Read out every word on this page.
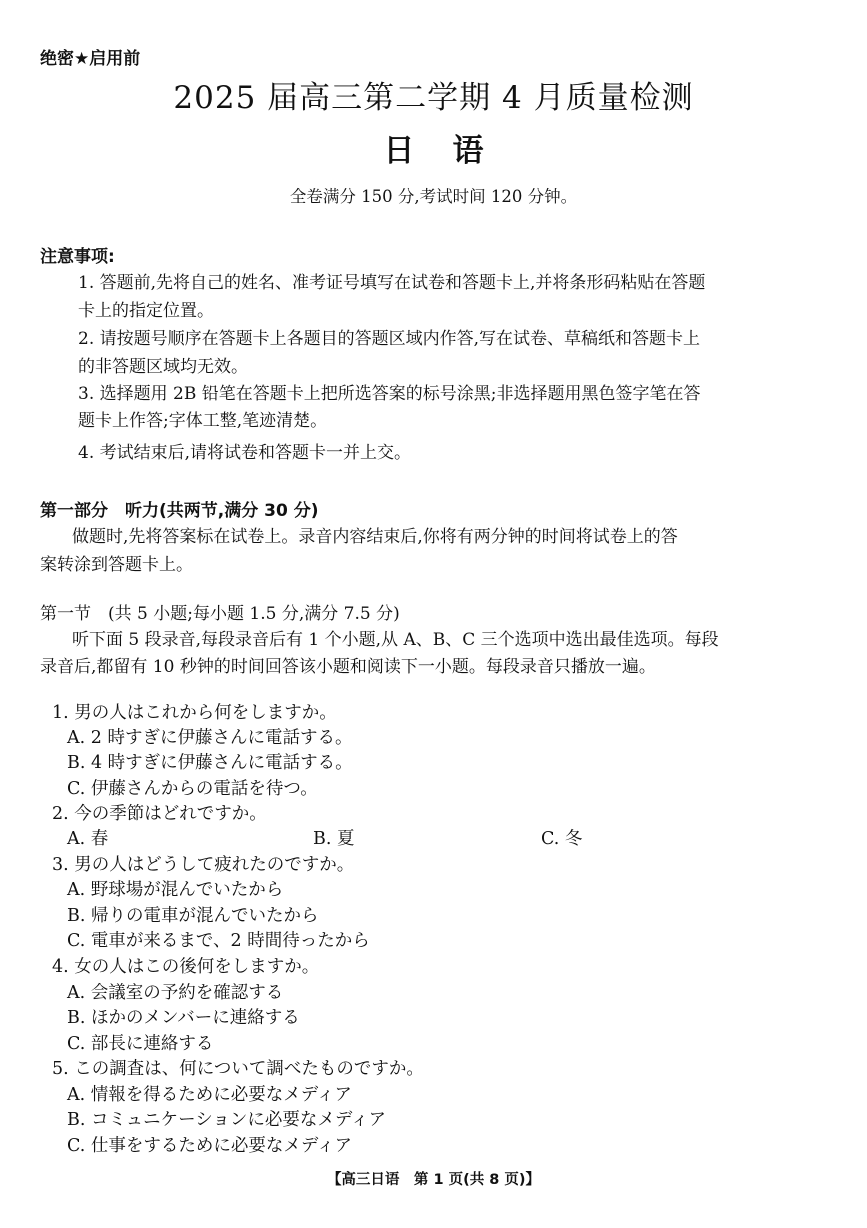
绝密★启用前
2025 届高三第二学期 4 月质量检测
日语
全卷满分 150 分,考试时间 120 分钟。
注意事项:
1. 答题前,先将自己的姓名、准考证号填写在试卷和答题卡上,并将条形码粘贴在答题
卡上的指定位置。
2. 请按题号顺序在答题卡上各题目的答题区域内作答,写在试卷、草稿纸和答题卡上
的非答题区域均无效。
3. 选择题用 2B 铅笔在答题卡上把所选答案的标号涂黑;非选择题用黑色签字笔在答
题卡上作答;字体工整,笔迹清楚。
4. 考试结束后,请将试卷和答题卡一并上交。
第一部分　听力(共两节,满分 30 分)
做题时,先将答案标在试卷上。录音内容结束后,你将有两分钟的时间将试卷上的答
案转涂到答题卡上。
第一节　(共 5 小题;每小题 1.5 分,满分 7.5 分)
听下面 5 段录音,每段录音后有 1 个小题,从 A、B、C 三个选项中选出最佳选项。每段
录音后,都留有 10 秒钟的时间回答该小题和阅读下一小题。每段录音只播放一遍。
1. 男の人はこれから何をしますか。
A. 2 時すぎに伊藤さんに電話する。
B. 4 時すぎに伊藤さんに電話する。
C. 伊藤さんからの電話を待つ。
2. 今の季節はどれですか。
A. 春	B. 夏	C. 冬
3. 男の人はどうして疲れたのですか。
A. 野球場が混んでいたから
B. 帰りの電車が混んでいたから
C. 電車が来るまで、2 時間待ったから
4. 女の人はこの後何をしますか。
A. 会議室の予約を確認する
B. ほかのメンバーに連絡する
C. 部長に連絡する
5. この調査は、何について調べたものですか。
A. 情報を得るために必要なメディア
B. コミュニケーションに必要なメディア
C. 仕事をするために必要なメディア
【高三日语　第 1 页(共 8 页)】
